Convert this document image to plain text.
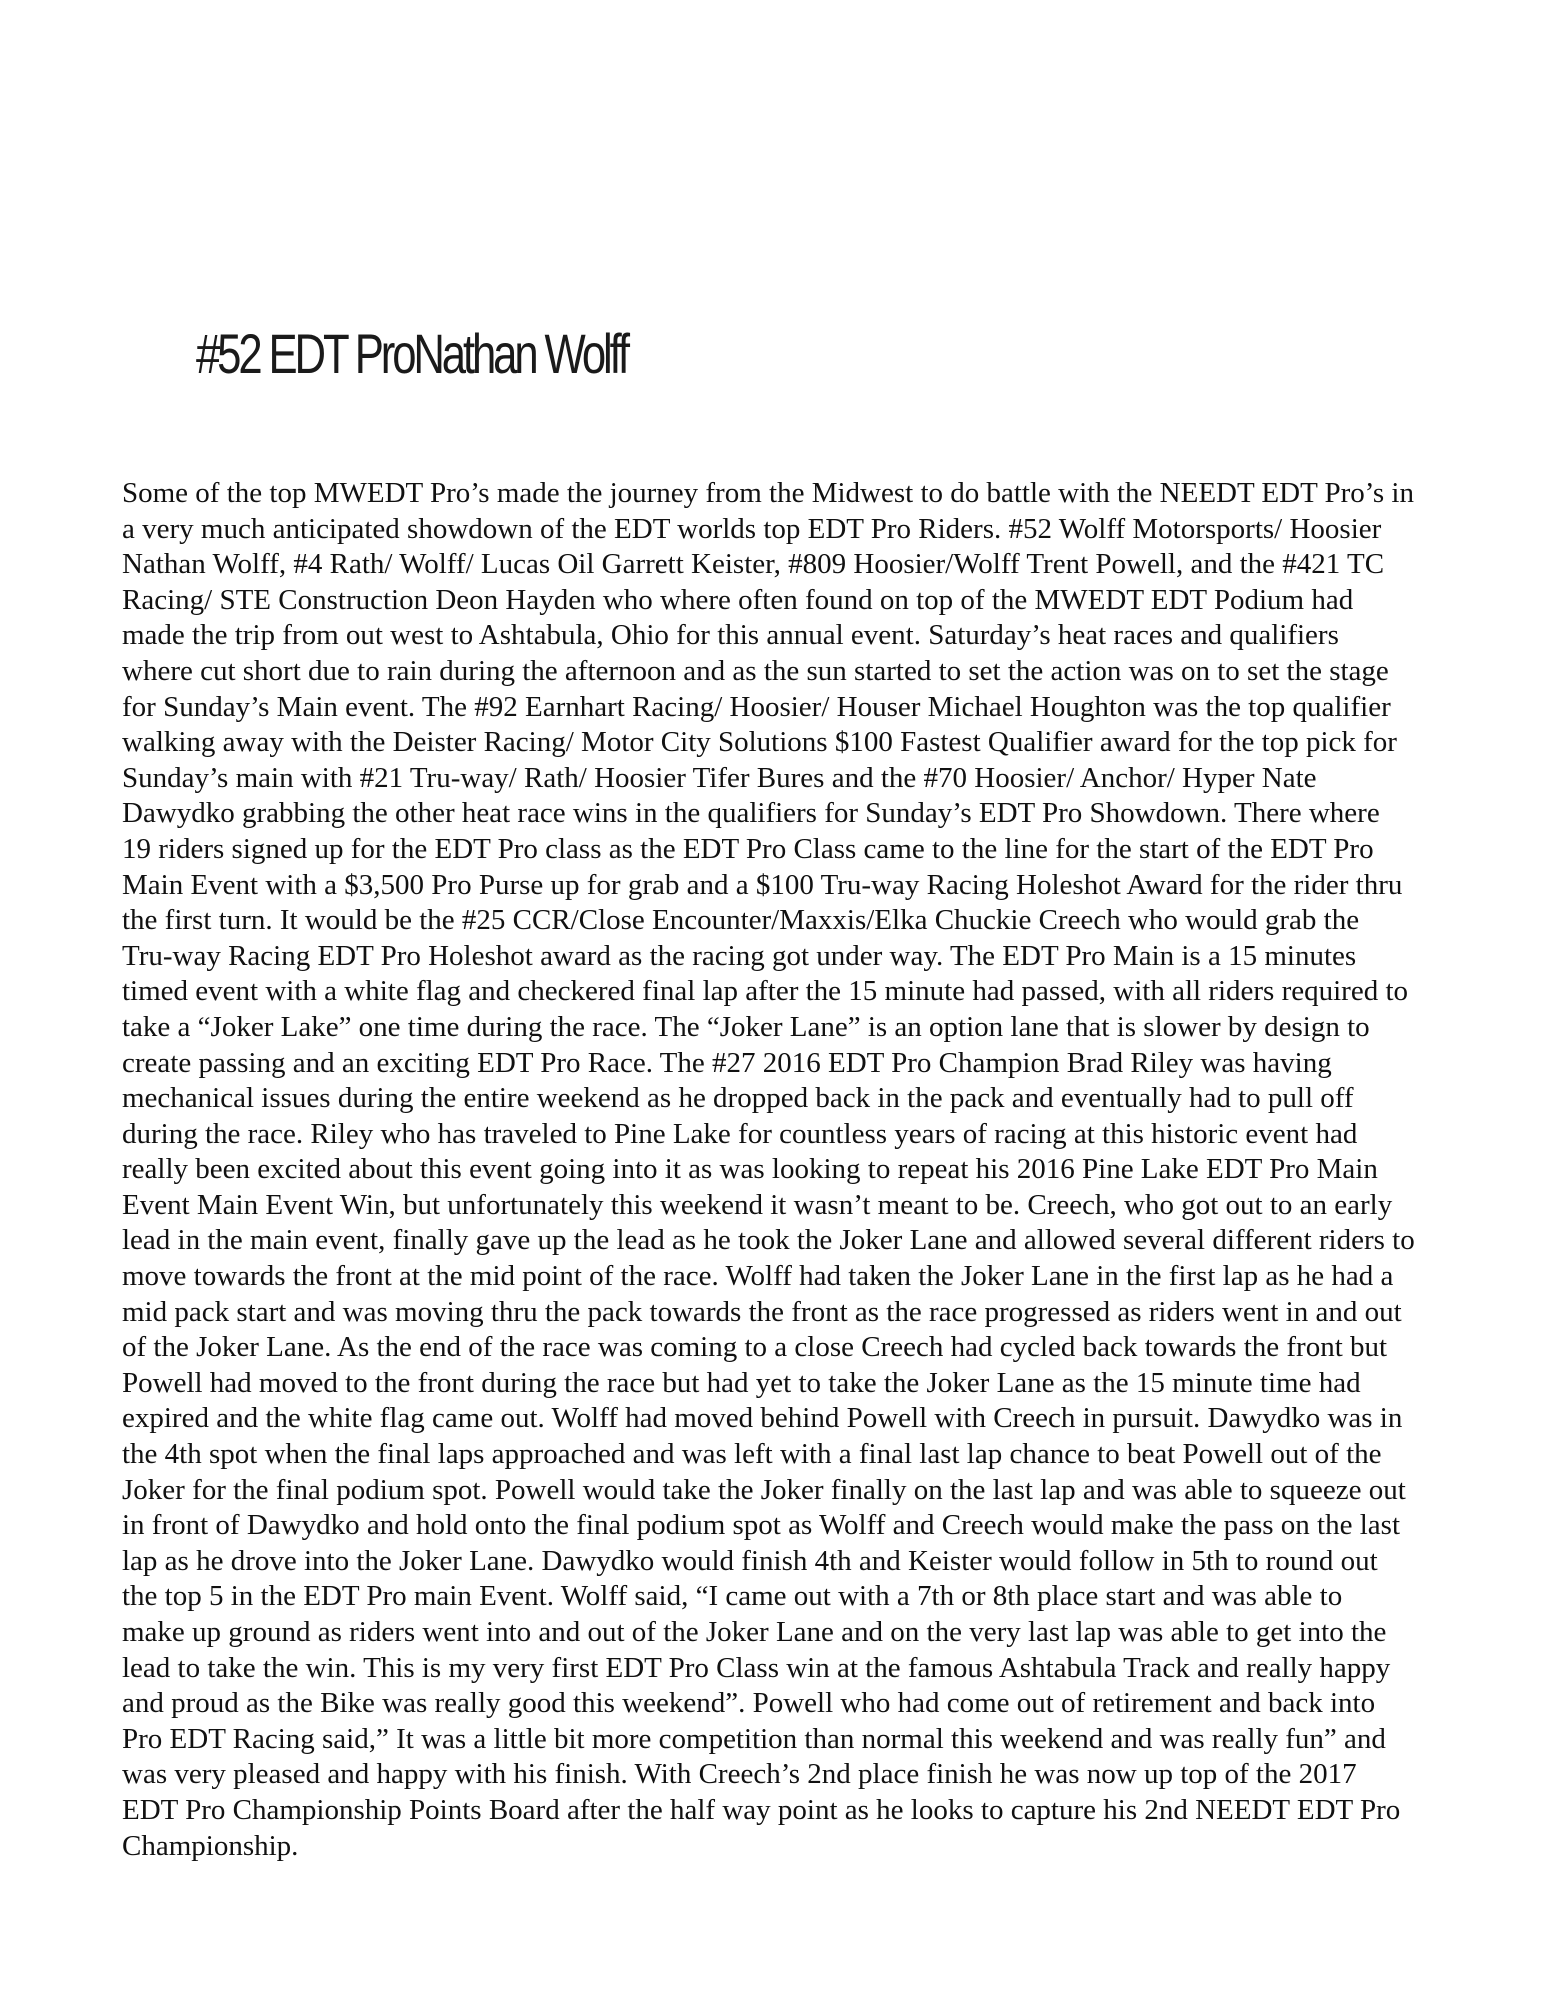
#52 EDT ProNathan Wolff
Some of the top MWEDT Pro’s made the journey from the Midwest to do battle with the NEEDT EDT Pro’s in
a very much anticipated showdown of the EDT worlds top EDT Pro Riders. #52 Wolff Motorsports/ Hoosier
Nathan Wolff, #4 Rath/ Wolff/ Lucas Oil Garrett Keister, #809 Hoosier/Wolff Trent Powell, and the #421 TC
Racing/ STE Construction Deon Hayden who where often found on top of the MWEDT EDT Podium had
made the trip from out west to Ashtabula, Ohio for this annual event. Saturday’s heat races and qualifiers
where cut short due to rain during the afternoon and as the sun started to set the action was on to set the stage
for Sunday’s Main event. The #92 Earnhart Racing/ Hoosier/ Houser Michael Houghton was the top qualifier
walking away with the Deister Racing/ Motor City Solutions $100 Fastest Qualifier award for the top pick for
Sunday’s main with #21 Tru-way/ Rath/ Hoosier Tifer Bures and the #70 Hoosier/ Anchor/ Hyper Nate
Dawydko grabbing the other heat race wins in the qualifiers for Sunday’s EDT Pro Showdown. There where
19 riders signed up for the EDT Pro class as the EDT Pro Class came to the line for the start of the EDT Pro
Main Event with a $3,500 Pro Purse up for grab and a $100 Tru-way Racing Holeshot Award for the rider thru
the first turn. It would be the #25 CCR/Close Encounter/Maxxis/Elka Chuckie Creech who would grab the
Tru-way Racing EDT Pro Holeshot award as the racing got under way. The EDT Pro Main is a 15 minutes
timed event with a white flag and checkered final lap after the 15 minute had passed, with all riders required to
take a “Joker Lake” one time during the race. The “Joker Lane” is an option lane that is slower by design to
create passing and an exciting EDT Pro Race. The #27 2016 EDT Pro Champion Brad Riley was having
mechanical issues during the entire weekend as he dropped back in the pack and eventually had to pull off
during the race. Riley who has traveled to Pine Lake for countless years of racing at this historic event had
really been excited about this event going into it as was looking to repeat his 2016 Pine Lake EDT Pro Main
Event Main Event Win, but unfortunately this weekend it wasn’t meant to be. Creech, who got out to an early
lead in the main event, finally gave up the lead as he took the Joker Lane and allowed several different riders to
move towards the front at the mid point of the race. Wolff had taken the Joker Lane in the first lap as he had a
mid pack start and was moving thru the pack towards the front as the race progressed as riders went in and out
of the Joker Lane. As the end of the race was coming to a close Creech had cycled back towards the front but
Powell had moved to the front during the race but had yet to take the Joker Lane as the 15 minute time had
expired and the white flag came out. Wolff had moved behind Powell with Creech in pursuit. Dawydko was in
the 4th spot when the final laps approached and was left with a final last lap chance to beat Powell out of the
Joker for the final podium spot. Powell would take the Joker finally on the last lap and was able to squeeze out
in front of Dawydko and hold onto the final podium spot as Wolff and Creech would make the pass on the last
lap as he drove into the Joker Lane. Dawydko would finish 4th and Keister would follow in 5th to round out
the top 5 in the EDT Pro main Event. Wolff said, “I came out with a 7th or 8th place start and was able to
make up ground as riders went into and out of the Joker Lane and on the very last lap was able to get into the
lead to take the win. This is my very first EDT Pro Class win at the famous Ashtabula Track and really happy
and proud as the Bike was really good this weekend”. Powell who had come out of retirement and back into
Pro EDT Racing said,” It was a little bit more competition than normal this weekend and was really fun” and
was very pleased and happy with his finish. With Creech’s 2nd place finish he was now up top of the 2017
EDT Pro Championship Points Board after the half way point as he looks to capture his 2nd NEEDT EDT Pro
Championship.
